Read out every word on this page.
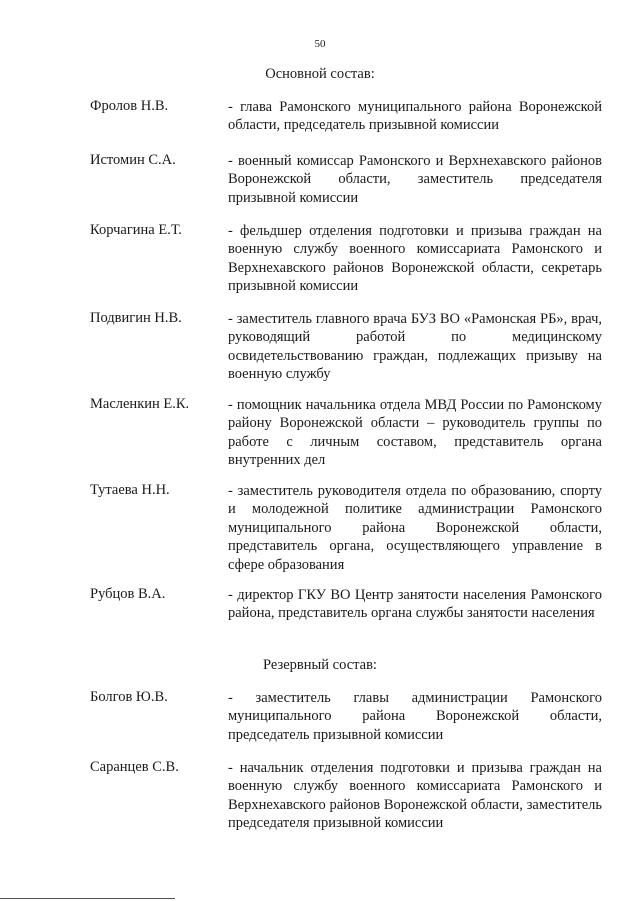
50
Основной состав:
Фролов Н.В.	- глава Рамонского муниципального района Воронежской области, председатель призывной комиссии
Истомин С.А.	- военный комиссар Рамонского и Верхнехавского районов Воронежской области, заместитель председателя призывной комиссии
Корчагина Е.Т.	- фельдшер отделения подготовки и призыва граждан на военную службу военного комиссариата Рамонского и Верхнехавского районов Воронежской области, секретарь призывной комиссии
Подвигин Н.В.	- заместитель главного врача БУЗ ВО «Рамонская РБ», врач, руководящий работой по медицинскому освидетельствованию граждан, подлежащих призыву на военную службу
Масленкин Е.К.	- помощник начальника отдела МВД России по Рамонскому району Воронежской области – руководитель группы по работе с личным составом, представитель органа внутренних дел
Тутаева Н.Н.	- заместитель руководителя отдела по образованию, спорту и молодежной политике администрации Рамонского муниципального района Воронежской области, представитель органа, осуществляющего управление в сфере образования
Рубцов В.А.	- директор ГКУ ВО Центр занятости населения Рамонского района, представитель органа службы занятости населения
Резервный состав:
Болгов Ю.В.	- заместитель главы администрации Рамонского муниципального района Воронежской области, председатель призывной комиссии
Саранцев С.В.	- начальник отделения подготовки и призыва граждан на военную службу военного комиссариата Рамонского и Верхнехавского районов Воронежской области, заместитель председателя призывной комиссии
